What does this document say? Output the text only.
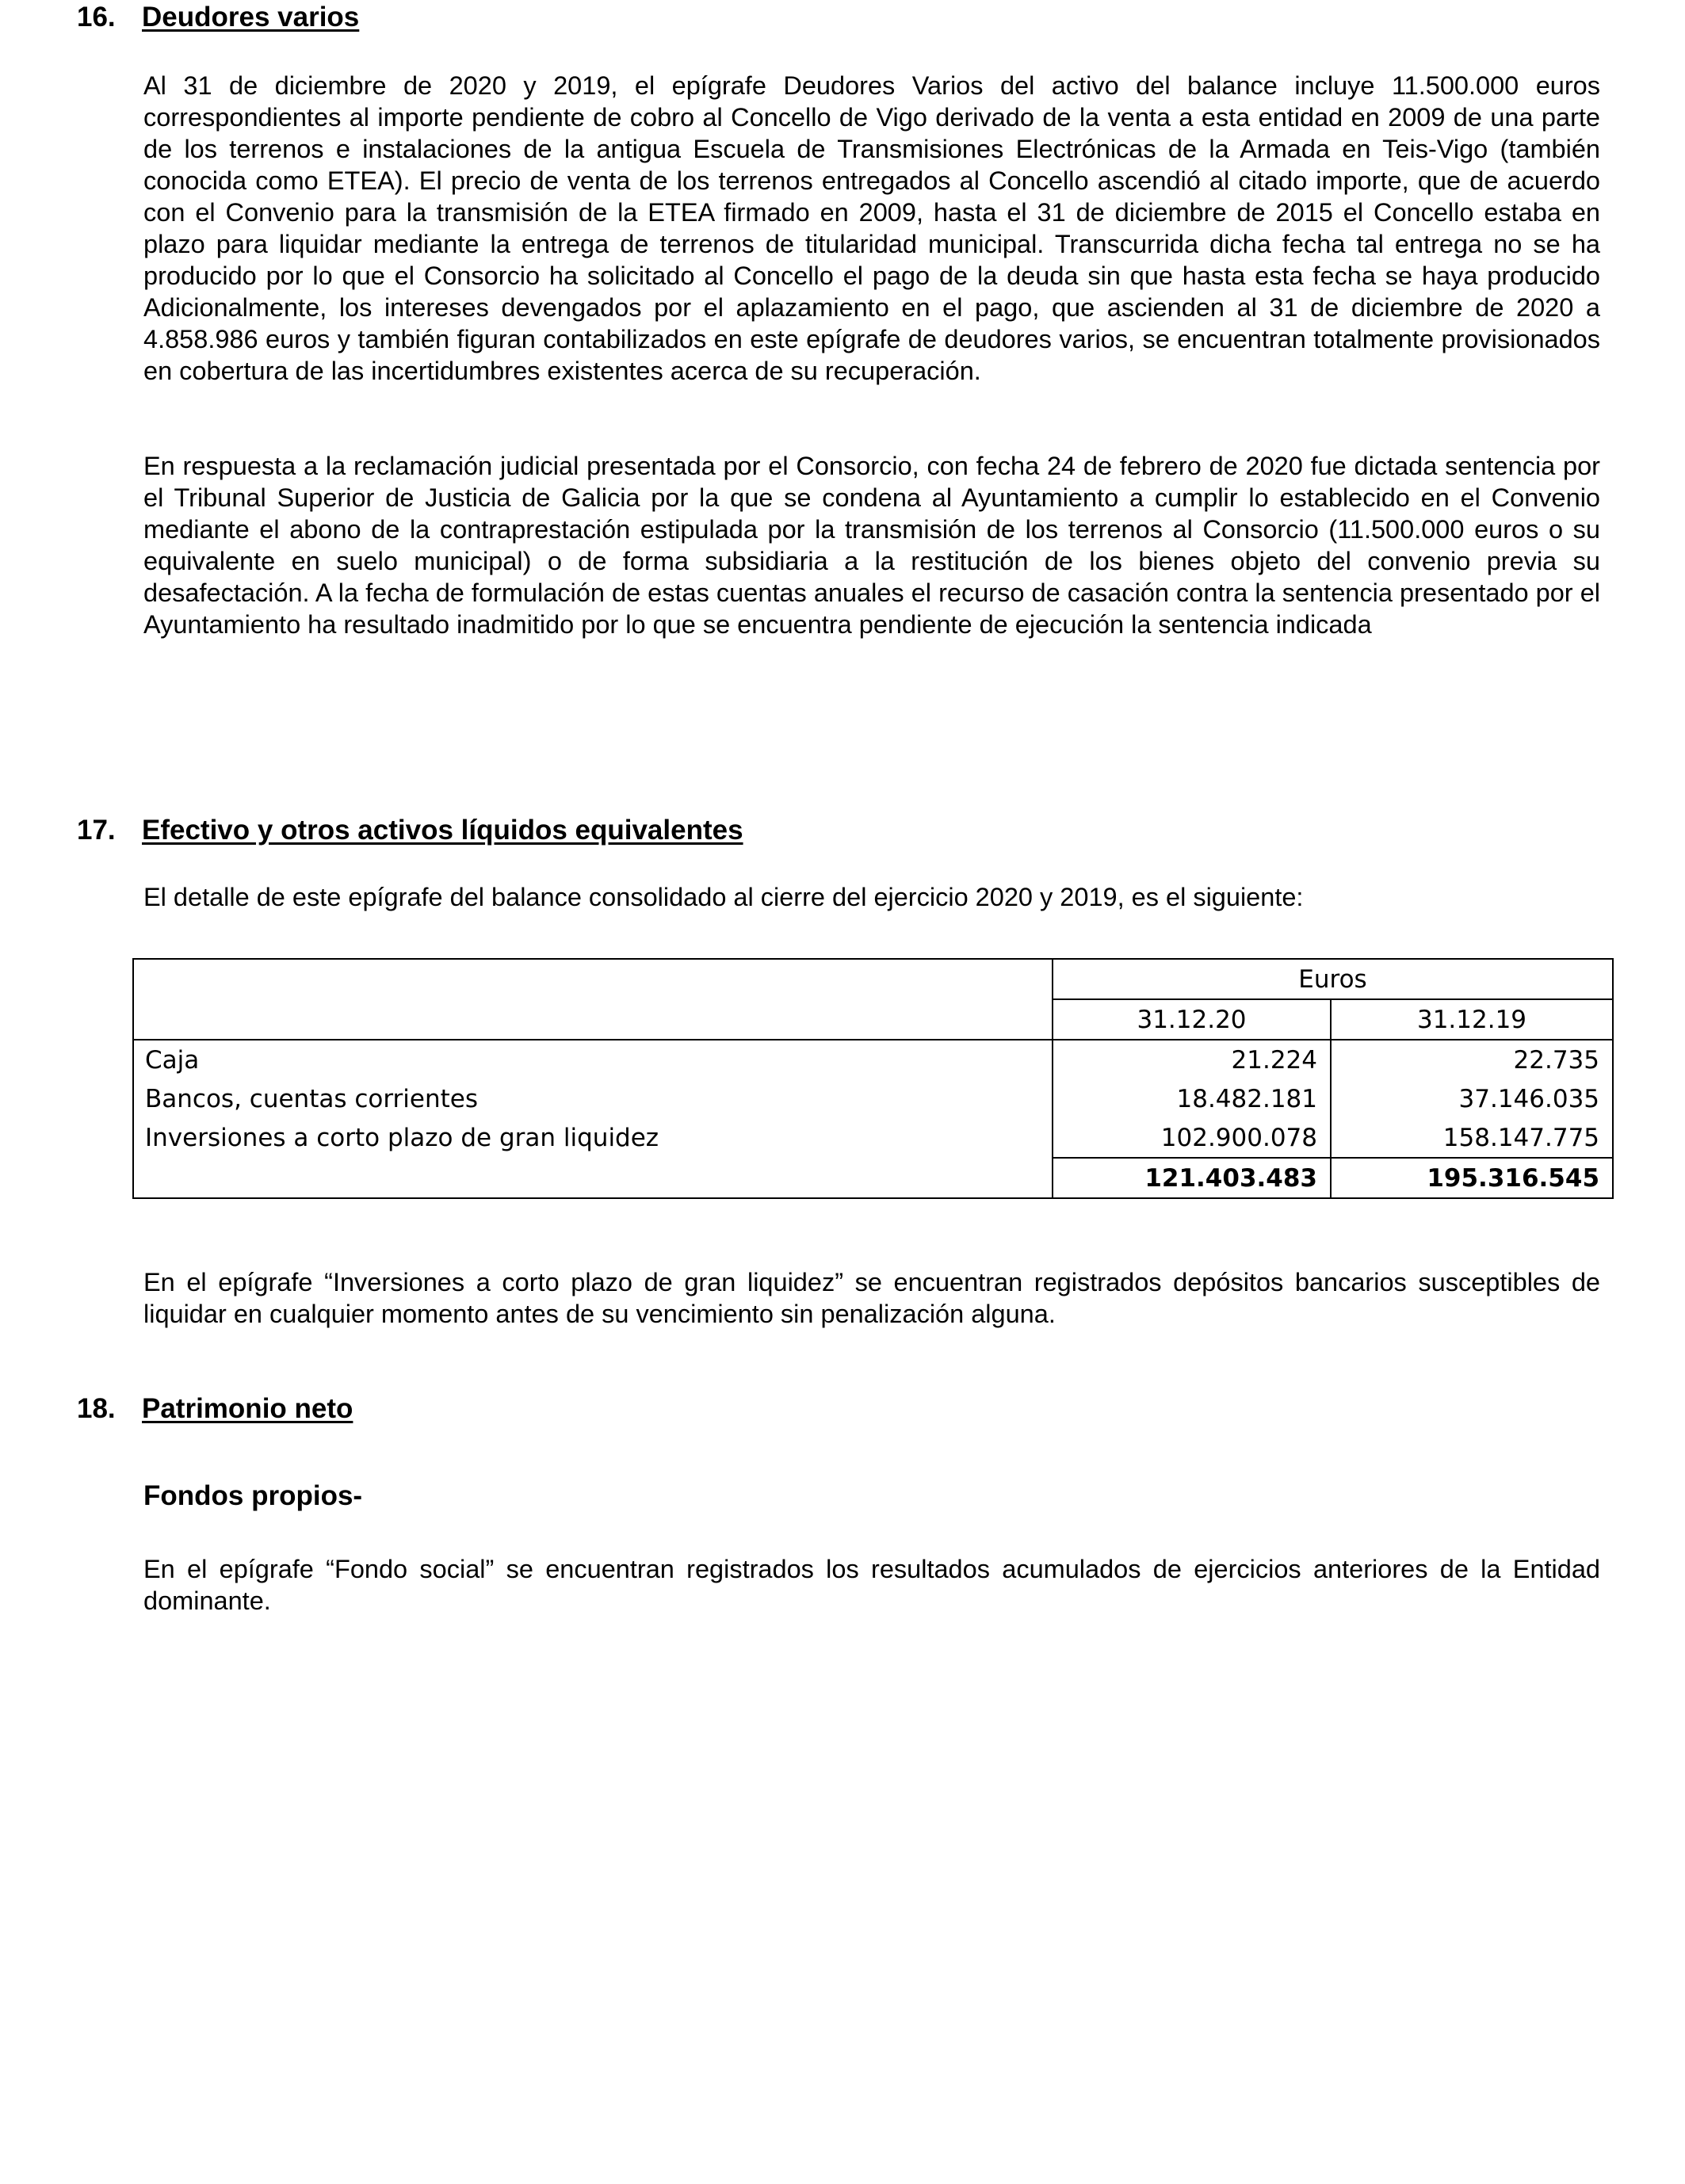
16. Deudores varios
Al 31 de diciembre de 2020 y 2019, el epígrafe Deudores Varios del activo del balance incluye 11.500.000 euros correspondientes al importe pendiente de cobro al Concello de Vigo derivado de la venta a esta entidad en 2009 de una parte de los terrenos e instalaciones de la antigua Escuela de Transmisiones Electrónicas de la Armada en Teis-Vigo (también conocida como ETEA). El precio de venta de los terrenos entregados al Concello ascendió al citado importe, que de acuerdo con el Convenio para la transmisión de la ETEA firmado en 2009, hasta el 31 de diciembre de 2015 el Concello estaba en plazo para liquidar mediante la entrega de terrenos de titularidad municipal. Transcurrida dicha fecha tal entrega no se ha producido por lo que el Consorcio ha solicitado al Concello el pago de la deuda sin que hasta esta fecha se haya producido Adicionalmente, los intereses devengados por el aplazamiento en el pago, que ascienden al 31 de diciembre de 2020 a 4.858.986 euros y también figuran contabilizados en este epígrafe de deudores varios, se encuentran totalmente provisionados en cobertura de las incertidumbres existentes acerca de su recuperación.
En respuesta a la reclamación judicial presentada por el Consorcio, con fecha 24 de febrero de 2020 fue dictada sentencia por el Tribunal Superior de Justicia de Galicia por la que se condena al Ayuntamiento a cumplir lo establecido en el Convenio mediante el abono de la contraprestación estipulada por la transmisión de los terrenos al Consorcio (11.500.000 euros o su equivalente en suelo municipal) o de forma subsidiaria a la restitución de los bienes objeto del convenio previa su desafectación. A la fecha de formulación de estas cuentas anuales el recurso de casación contra la sentencia presentado por el Ayuntamiento ha resultado inadmitido por lo que se encuentra pendiente de ejecución la sentencia indicada
17. Efectivo y otros activos líquidos equivalentes
El detalle de este epígrafe del balance consolidado al cierre del ejercicio 2020 y 2019, es el siguiente:
	Euros	
	31.12.20	31.12.19
Caja	21.224	22.735
Bancos, cuentas corrientes	18.482.181	37.146.035
Inversiones a corto plazo de gran liquidez	102.900.078	158.147.775
	121.403.483	195.316.545
En el epígrafe “Inversiones a corto plazo de gran liquidez” se encuentran registrados depósitos bancarios susceptibles de liquidar en cualquier momento antes de su vencimiento sin penalización alguna.
18. Patrimonio neto
Fondos propios-
En el epígrafe “Fondo social” se encuentran registrados los resultados acumulados de ejercicios anteriores de la Entidad dominante.
